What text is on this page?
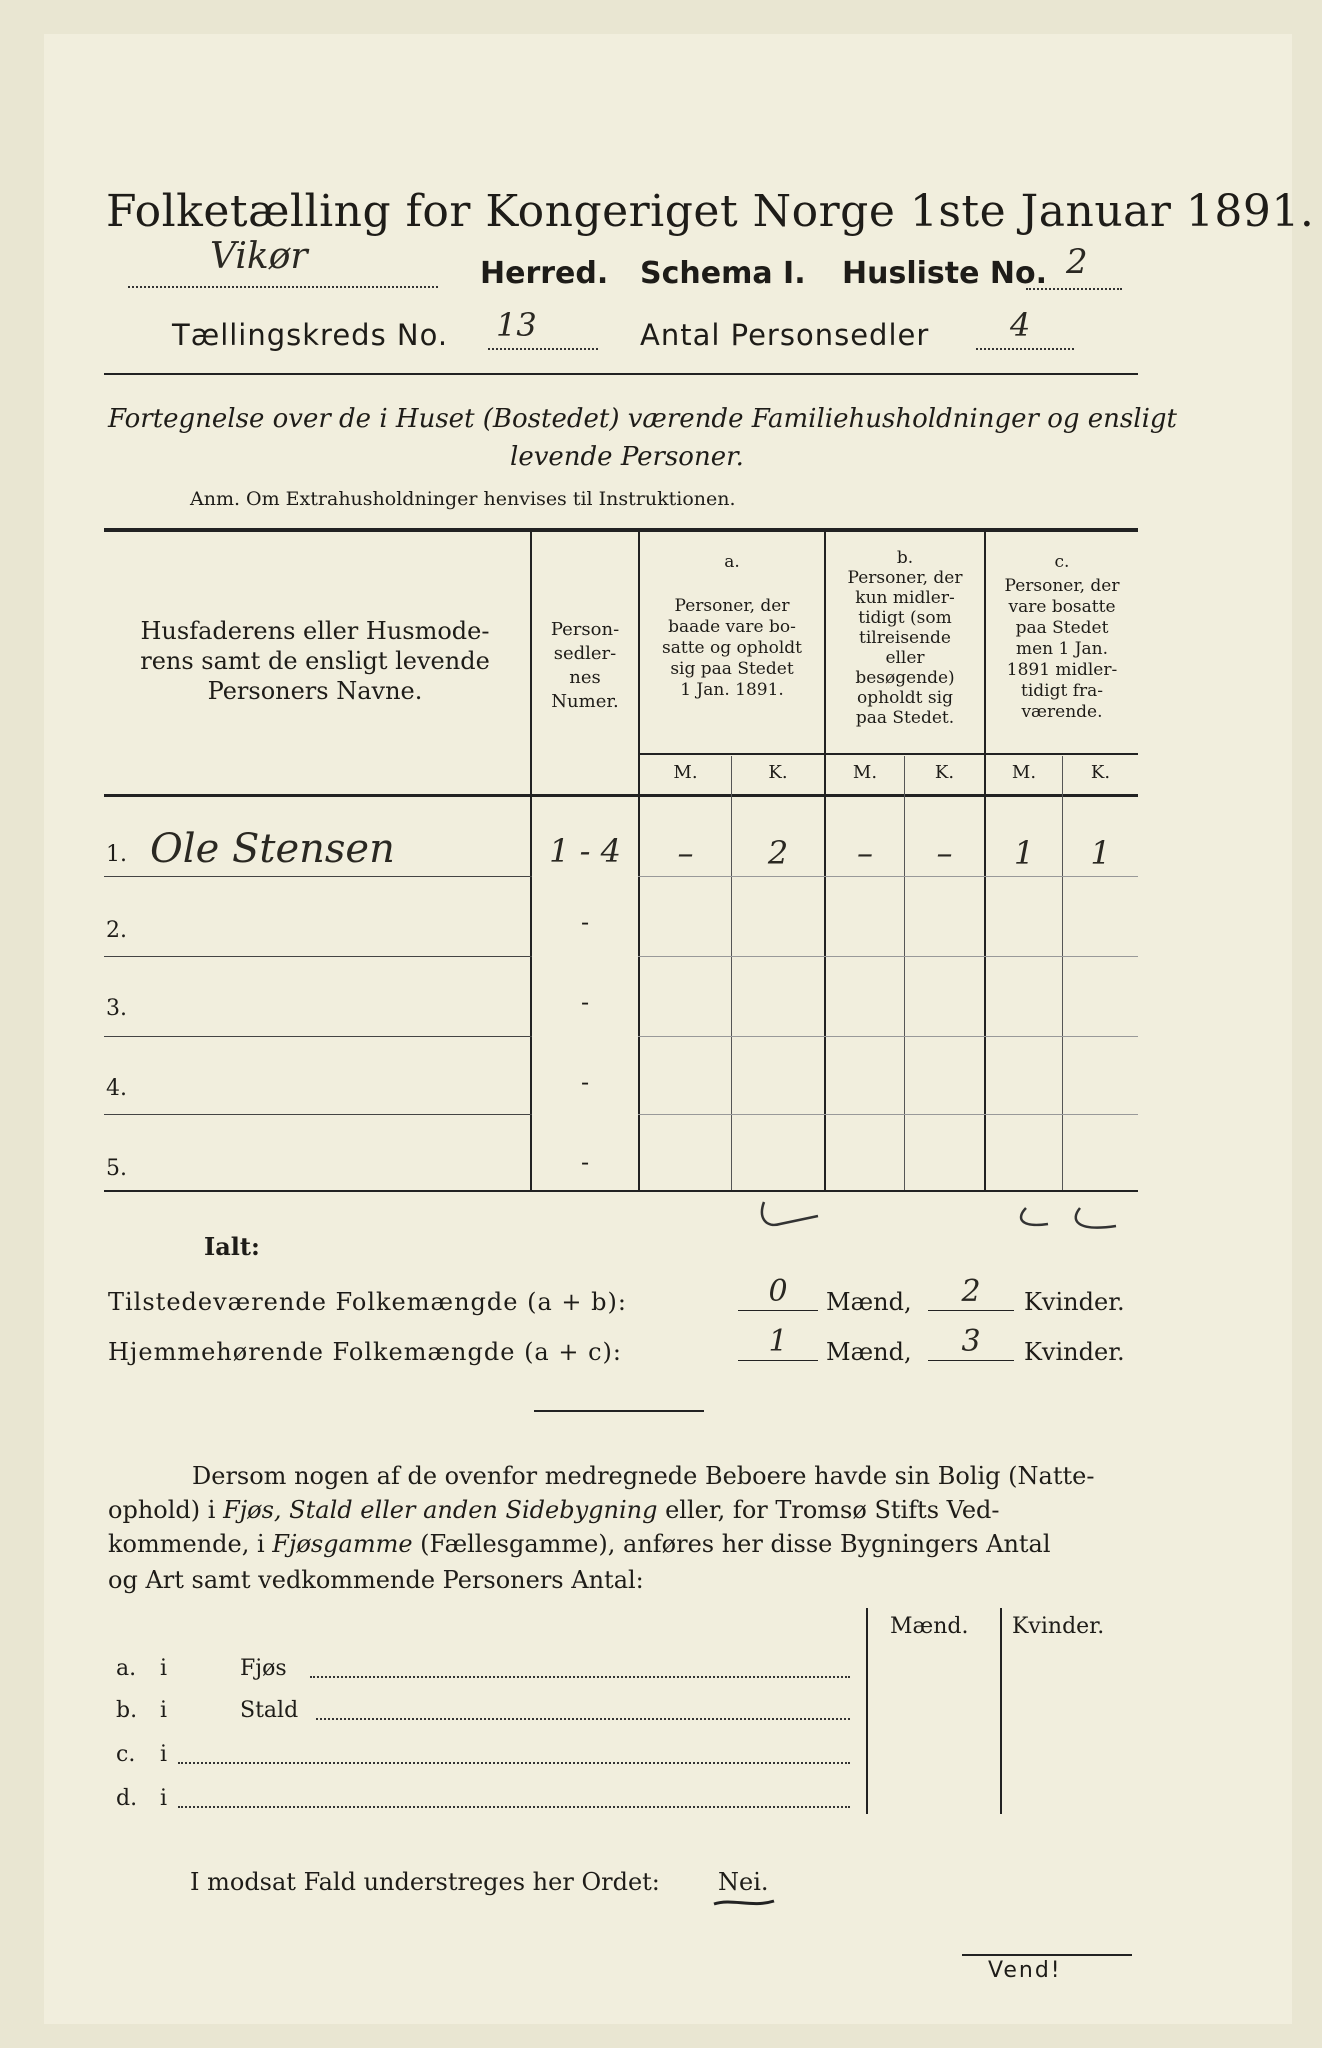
Folketælling for Kongeriget Norge 1ste Januar 1891.
Vikør	Herred. Schema I. Husliste No. 2
Tællingskreds No. 13	Antal Personsedler	4
Fortegnelse over de i Huset (Bostedet) værende Familiehusholdninger og ensligt
levende Personer.
Anm. Om Extrahusholdninger henvises til Instruktionen.
Husfaderens eller Husmode-
rens samt de ensligt levende
Personers Navne.
Person-
sedler-
nes
Numer.
a.
Personer, der
baade vare bo-
satte og opholdt
sig paa Stedet
1 Jan. 1891.
b.
Personer, der
kun midler-
tidigt (som
tilreisende
eller
besøgende)
opholdt sig
paa Stedet.
c.
Personer, der
vare bosatte
paa Stedet
men 1 Jan.
1891 midler-
tidigt fra-
værende.
M.	K.	M.	K.	M.	K.
1. Ole Stensen	1 - 4	–	2	–	–	1	1
2.	-
3.	-
4.	-
5.	-
Ialt:
Tilstedeværende Folkemængde (a + b):	0	Mænd,	2	Kvinder.
Hjemmehørende Folkemængde (a + c):	1	Mænd,	3	Kvinder.
Dersom nogen af de ovenfor medregnede Beboere havde sin Bolig (Natte-
ophold) i Fjøs, Stald eller anden Sidebygning eller, for Tromsø Stifts Ved-
kommende, i Fjøsgamme (Fællesgamme), anføres her disse Bygningers Antal
og Art samt vedkommende Personers Antal:
Mænd. Kvinder.
a. i	Fjøs
b. i	Stald
c. i
d. i
I modsat Fald understreges her Ordet: Nei.
Vend!
